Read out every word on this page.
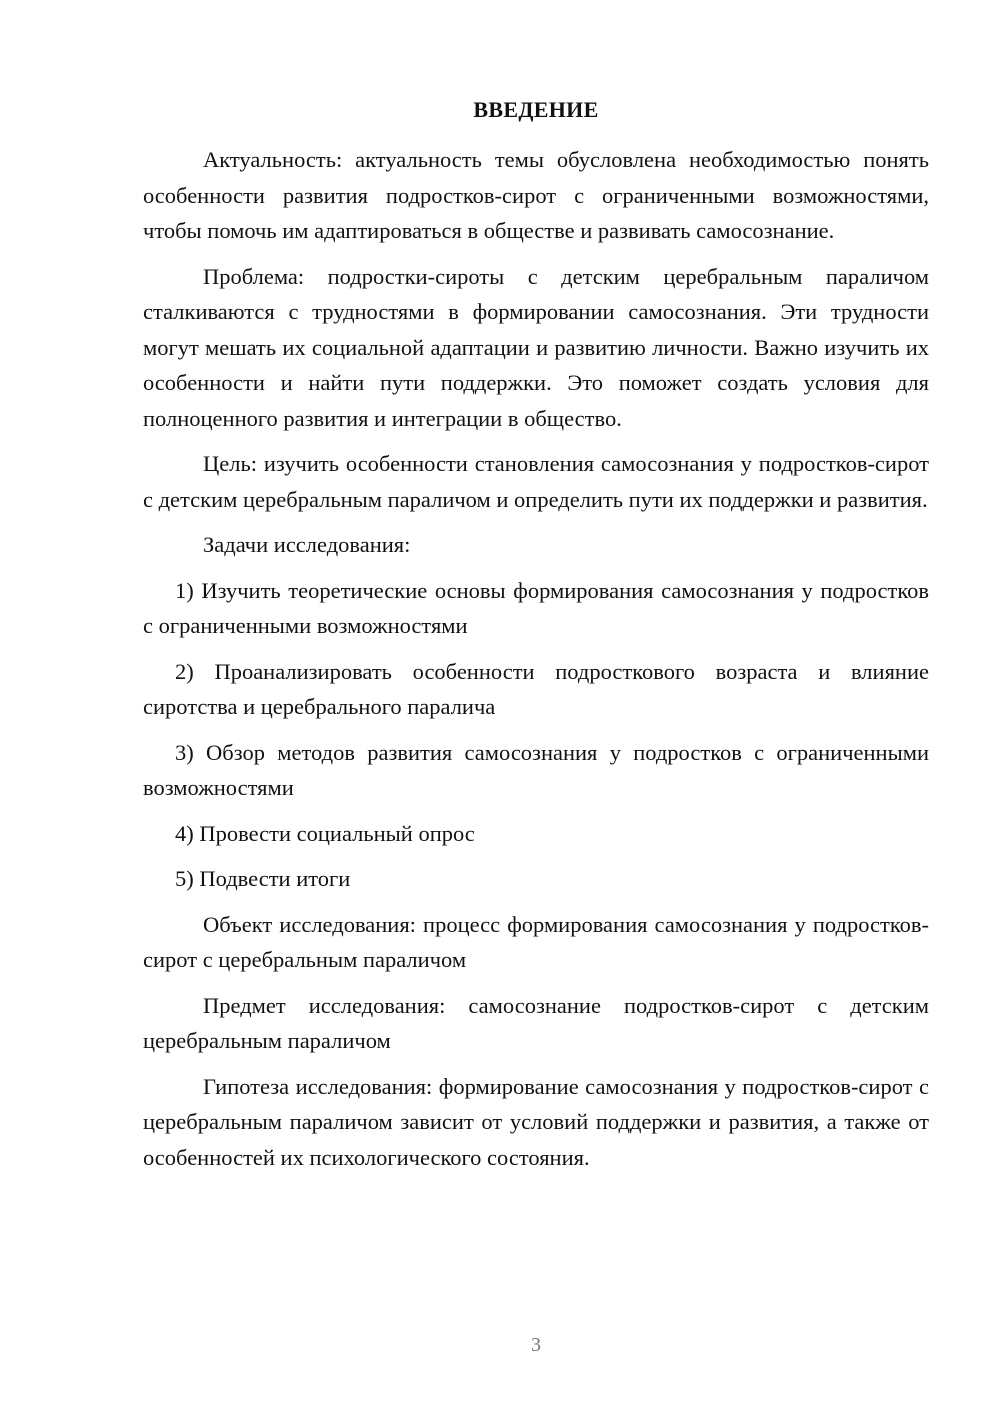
ВВЕДЕНИЕ

Актуальность: актуальность темы обусловлена необходимостью понять особенности развития подростков-сирот с ограниченными возможностями, чтобы помочь им адаптироваться в обществе и развивать самосознание.

Проблема: подростки-сироты с детским церебральным параличом сталкиваются с трудностями в формировании самосознания. Эти трудности могут мешать их социальной адаптации и развитию личности. Важно изучить их особенности и найти пути поддержки. Это поможет создать условия для полноценного развития и интеграции в общество.

Цель: изучить особенности становления самосознания у подростков-сирот с детским церебральным параличом и определить пути их поддержки и развития.

Задачи исследования:

1) Изучить теоретические основы формирования самосознания у подростков с ограниченными возможностями

2) Проанализировать особенности подросткового возраста и влияние сиротства и церебрального паралича

3) Обзор методов развития самосознания у подростков с ограниченными возможностями

4) Провести социальный опрос

5) Подвести итоги

Объект исследования: процесс формирования самосознания у подростков-сирот с церебральным параличом

Предмет исследования: самосознание подростков-сирот с детским церебральным параличом

Гипотеза исследования: формирование самосознания у подростков-сирот с церебральным параличом зависит от условий поддержки и развития, а также от особенностей их психологического состояния.

3
